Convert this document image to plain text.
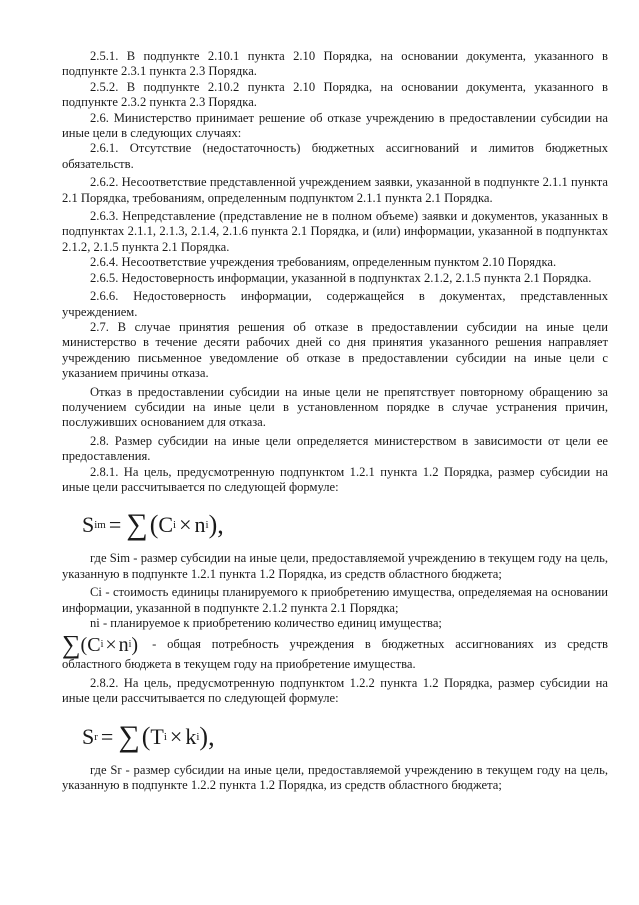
2.5.1. В подпункте 2.10.1 пункта 2.10 Порядка, на основании документа, указанного в подпункте 2.3.1 пункта 2.3 Порядка.

2.5.2. В подпункте 2.10.2 пункта 2.10 Порядка, на основании документа, указанного в подпункте 2.3.2 пункта 2.3 Порядка.

2.6. Министерство принимает решение об отказе учреждению в предоставлении субсидии на иные цели в следующих случаях:

2.6.1. Отсутствие (недостаточность) бюджетных ассигнований и лимитов бюджетных обязательств.

2.6.2. Несоответствие представленной учреждением заявки, указанной в подпункте 2.1.1 пункта 2.1 Порядка, требованиям, определенным подпунктом 2.1.1 пункта 2.1 Порядка.

2.6.3. Непредставление (представление не в полном объеме) заявки и документов, указанных в подпунктах 2.1.1, 2.1.3, 2.1.4, 2.1.6 пункта 2.1 Порядка, и (или) информации, указанной в подпунктах 2.1.2, 2.1.5 пункта 2.1 Порядка.

2.6.4. Несоответствие учреждения требованиям, определенным пунктом 2.10 Порядка.

2.6.5. Недостоверность информации, указанной в подпунктах 2.1.2, 2.1.5 пункта 2.1 Порядка.

2.6.6. Недостоверность информации, содержащейся в документах, представленных учреждением.

2.7. В случае принятия решения об отказе в предоставлении субсидии на иные цели министерство в течение десяти рабочих дней со дня принятия указанного решения направляет учреждению письменное уведомление об отказе в предоставлении субсидии на иные цели с указанием причины отказа.

Отказ в предоставлении субсидии на иные цели не препятствует повторному обращению за получением субсидии на иные цели в установленном порядке в случае устранения причин, послуживших основанием для отказа.

2.8. Размер субсидии на иные цели определяется министерством в зависимости от цели ее предоставления.

2.8.1. На цель, предусмотренную подпунктом 1.2.1 пункта 1.2 Порядка, размер субсидии на иные цели рассчитывается по следующей формуле:

S im = ∑ ( C i × n i ),

где Sim - размер субсидии на иные цели, предоставляемой учреждению в текущем году на цель, указанную в подпункте 1.2.1 пункта 1.2 Порядка, из средств областного бюджета;

Ci - стоимость единицы планируемого к приобретению имущества, определяемая на основании информации, указанной в подпункте 2.1.2 пункта 2.1 Порядка;

ni - планируемое к приобретению количество единиц имущества;

∑ ( C i × n i ) - общая потребность учреждения в бюджетных ассигнованиях из средств областного бюджета в текущем году на приобретение имущества.

2.8.2. На цель, предусмотренную подпунктом 1.2.2 пункта 1.2 Порядка, размер субсидии на иные цели рассчитывается по следующей формуле:

S r = ∑ ( T i × k i ),

где Sr - размер субсидии на иные цели, предоставляемой учреждению в текущем году на цель, указанную в подпункте 1.2.2 пункта 1.2 Порядка, из средств областного бюджета;
